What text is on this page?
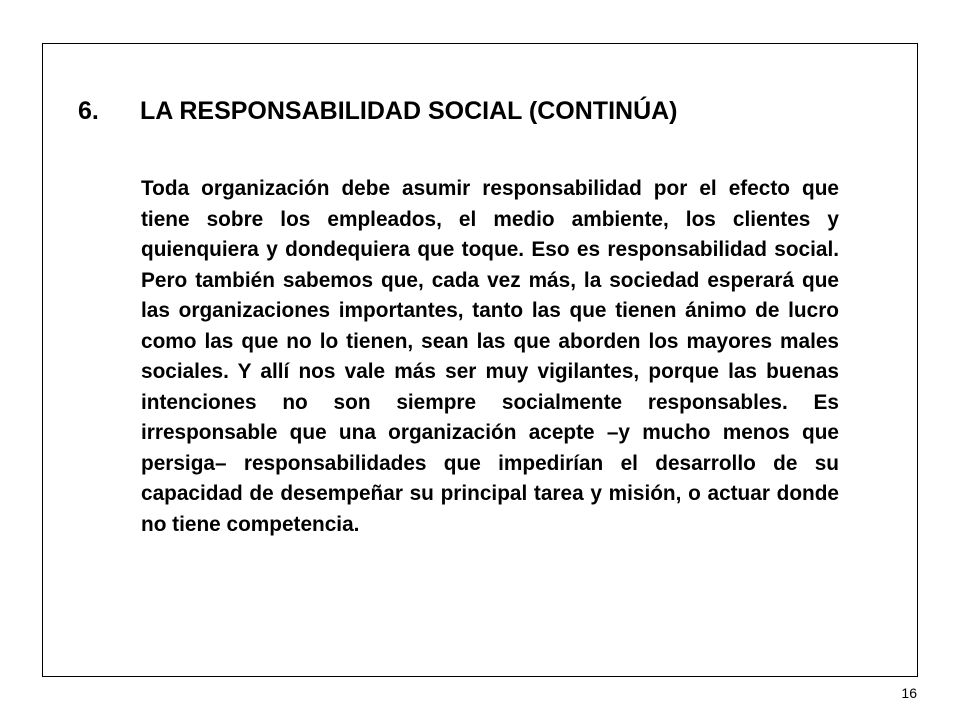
6. LA RESPONSABILIDAD SOCIAL (CONTINÚA)

Toda organización debe asumir responsabilidad por el efecto que tiene sobre los empleados, el medio ambiente, los clientes y quienquiera y dondequiera que toque. Eso es responsabilidad social. Pero también sabemos que, cada vez más, la sociedad esperará que las organizaciones importantes, tanto las que tienen ánimo de lucro como las que no lo tienen, sean las que aborden los mayores males sociales. Y allí nos vale más ser muy vigilantes, porque las buenas intenciones no son siempre socialmente responsables. Es irresponsable que una organización acepte –y mucho menos que persiga– responsabilidades que impedirían el desarrollo de su capacidad de desempeñar su principal tarea y misión, o actuar donde no tiene competencia.

16
